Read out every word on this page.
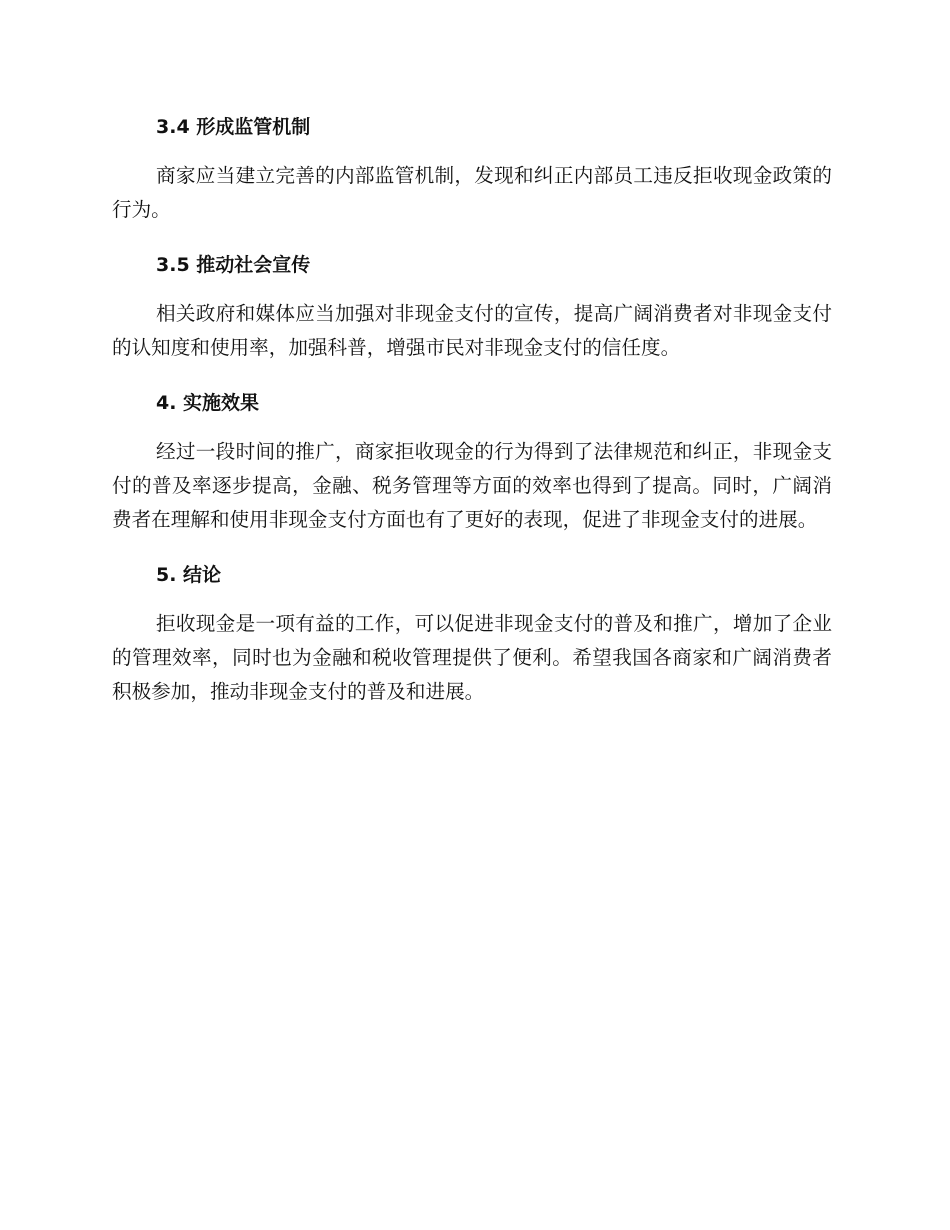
3.4 形成监管机制

商家应当建立完善的内部监管机制，发现和纠正内部员工违反拒收现金政策的行为。

3.5 推动社会宣传

相关政府和媒体应当加强对非现金支付的宣传，提高广阔消费者对非现金支付的认知度和使用率，加强科普，增强市民对非现金支付的信任度。

4. 实施效果

经过一段时间的推广，商家拒收现金的行为得到了法律规范和纠正，非现金支付的普及率逐步提高，金融、税务管理等方面的效率也得到了提高。同时，广阔消费者在理解和使用非现金支付方面也有了更好的表现，促进了非现金支付的进展。

5. 结论

拒收现金是一项有益的工作，可以促进非现金支付的普及和推广，增加了企业的管理效率，同时也为金融和税收管理提供了便利。希望我国各商家和广阔消费者积极参加，推动非现金支付的普及和进展。
